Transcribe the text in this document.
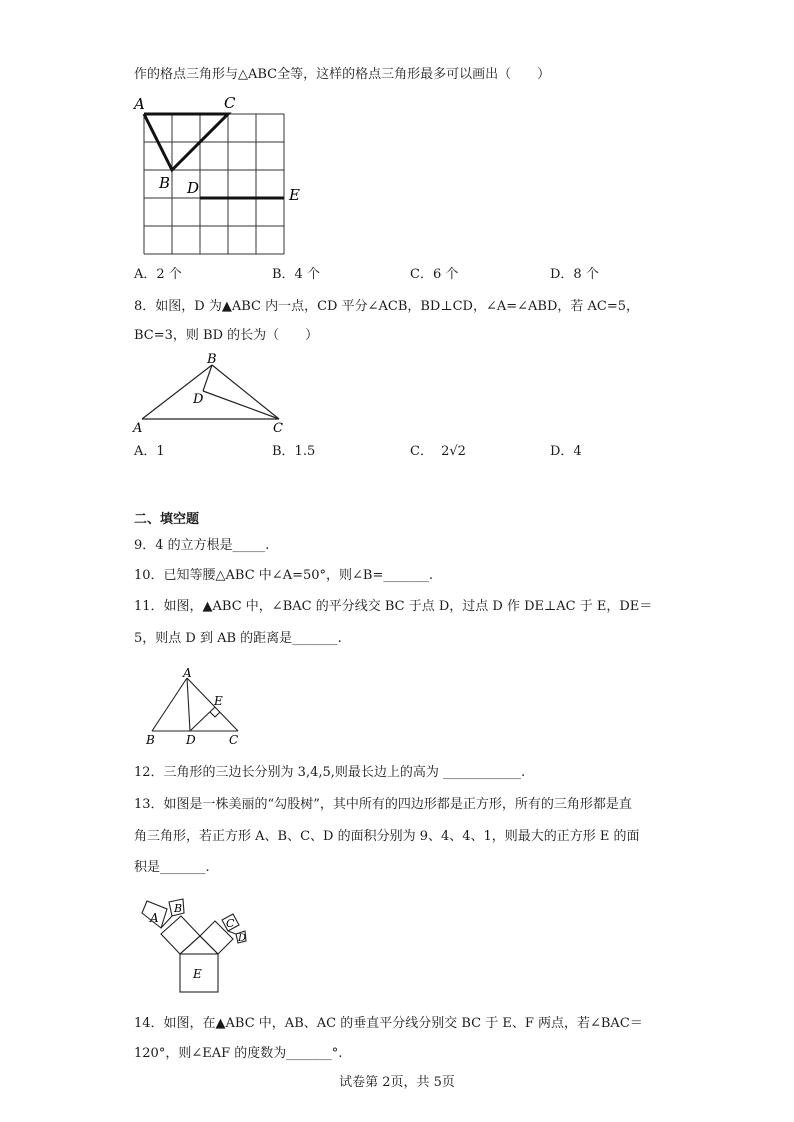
作的格点三角形与△ABC全等，这样的格点三角形最多可以画出（　　）
A	C
B D	E
A．2 个	B．4 个	C．6 个	D．8 个
8．如图，D 为▲ABC 内一点，CD 平分∠ACB，BD⊥CD，∠A=∠ABD，若 AC=5，
BC=3，则 BD 的长为（　　）
B
D
A	C
A．1	B．1.5	C． 2√2	D．4
二、填空题
9．4 的立方根是_____.
10．已知等腰△ABC 中∠A=50°，则∠B=_______.
11．如图，▲ABC 中，∠BAC 的平分线交 BC 于点 D，过点 D 作 DE⊥AC 于 E，DE＝
5，则点 D 到 AB 的距离是_______.
A
E
B	D	C
12．三角形的三边长分别为 3,4,5,则最长边上的高为 ____________.
13．如图是一株美丽的“勾股树”，其中所有的四边形都是正方形，所有的三角形都是直
角三角形，若正方形 A、B、C、D 的面积分别为 9、4、4、1，则最大的正方形 E 的面
积是_______.
A
B
C
D
E
14．如图，在▲ABC 中，AB、AC 的垂直平分线分别交 BC 于 E、F 两点，若∠BAC＝
120°，则∠EAF 的度数为_______°.
试卷第 2页，共 5页
